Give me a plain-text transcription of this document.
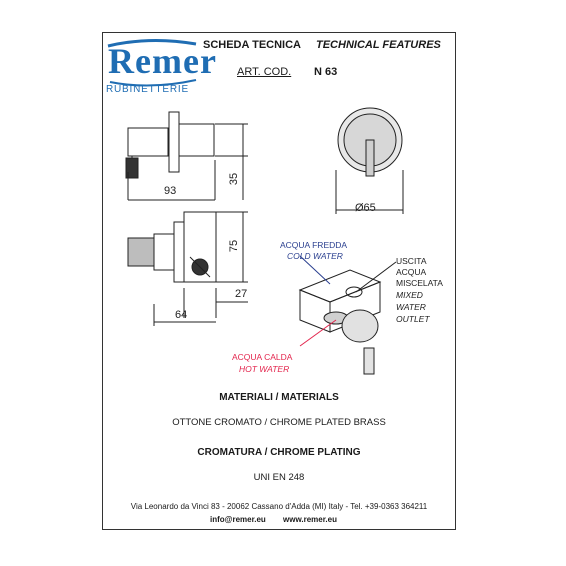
Remer
RUBINETTERIE
SCHEDA TECNICA TECHNICAL FEATURES
ART. COD. N 63
93
35
Ø65
75
27
64
ACQUA FREDDA
COLD WATER	USCITA
ACQUA
MISCELATA
MIXED
WATER
OUTLET
ACQUA CALDA
HOT WATER
MATERIALI / MATERIALS
OTTONE CROMATO / CHROME PLATED BRASS
CROMATURA / CHROME PLATING
UNI EN 248
Via Leonardo da Vinci 83 - 20062 Cassano d'Adda (MI) Italy - Tel. +39-0363 364211
info@remer.eu www.remer.eu
